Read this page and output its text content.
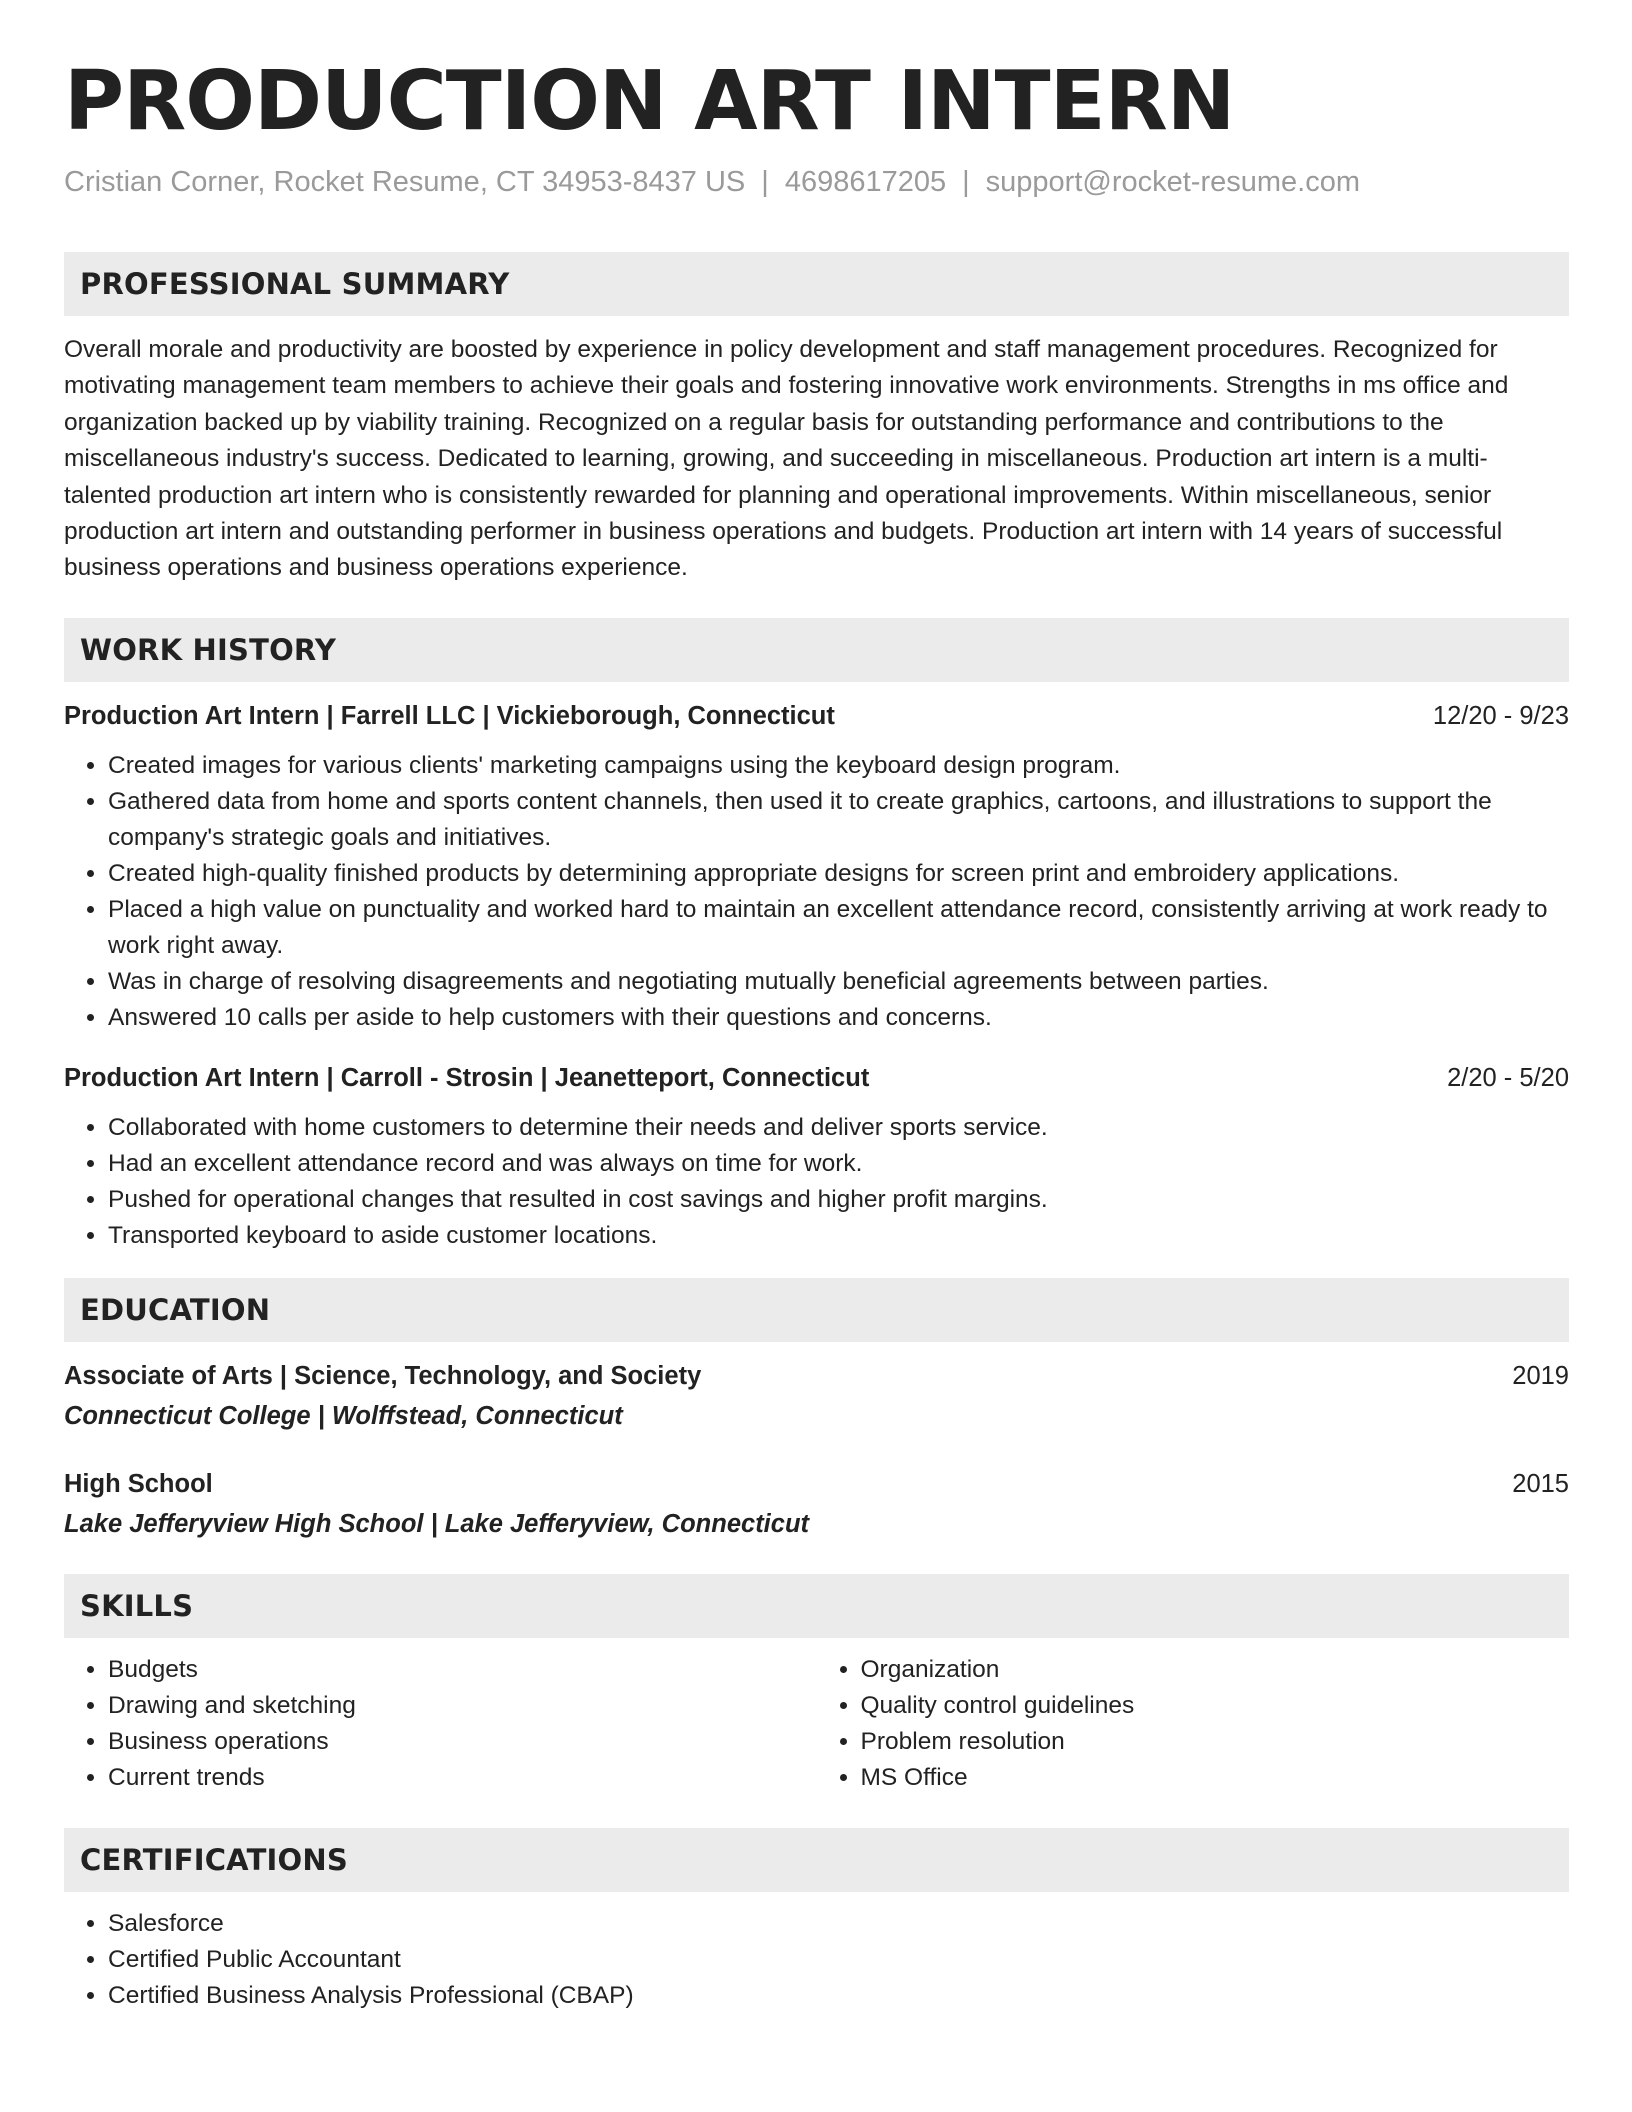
PRODUCTION ART INTERN
Cristian Corner, Rocket Resume, CT 34953-8437 US | 4698617205 | support@rocket-resume.com
PROFESSIONAL SUMMARY

Overall morale and productivity are boosted by experience in policy development and staff management procedures. Recognized for motivating management team members to achieve their goals and fostering innovative work environments. Strengths in ms office and organization backed up by viability training. Recognized on a regular basis for outstanding performance and contributions to the miscellaneous industry's success. Dedicated to learning, growing, and succeeding in miscellaneous. Production art intern is a multi-talented production art intern who is consistently rewarded for planning and operational improvements. Within miscellaneous, senior production art intern and outstanding performer in business operations and budgets. Production art intern with 14 years of successful business operations and business operations experience.

WORK HISTORY
Production Art Intern | Farrell LLC | Vickieborough, Connecticut	12/20 - 9/23
• Created images for various clients' marketing campaigns using the keyboard design program.
• Gathered data from home and sports content channels, then used it to create graphics, cartoons, and illustrations to support the company's strategic goals and initiatives.
• Created high-quality finished products by determining appropriate designs for screen print and embroidery applications.
• Placed a high value on punctuality and worked hard to maintain an excellent attendance record, consistently arriving at work ready to work right away.
• Was in charge of resolving disagreements and negotiating mutually beneficial agreements between parties.
• Answered 10 calls per aside to help customers with their questions and concerns.
Production Art Intern | Carroll - Strosin | Jeanetteport, Connecticut	2/20 - 5/20
• Collaborated with home customers to determine their needs and deliver sports service.
• Had an excellent attendance record and was always on time for work.
• Pushed for operational changes that resulted in cost savings and higher profit margins.
• Transported keyboard to aside customer locations.
EDUCATION
Associate of Arts | Science, Technology, and Society	2019
Connecticut College | Wolffstead, Connecticut
High School	2015
Lake Jefferyview High School | Lake Jefferyview, Connecticut
SKILLS
• Budgets
• Drawing and sketching
• Business operations
• Current trends
• Organization
• Quality control guidelines
• Problem resolution
• MS Office
CERTIFICATIONS
• Salesforce
• Certified Public Accountant
• Certified Business Analysis Professional (CBAP)
